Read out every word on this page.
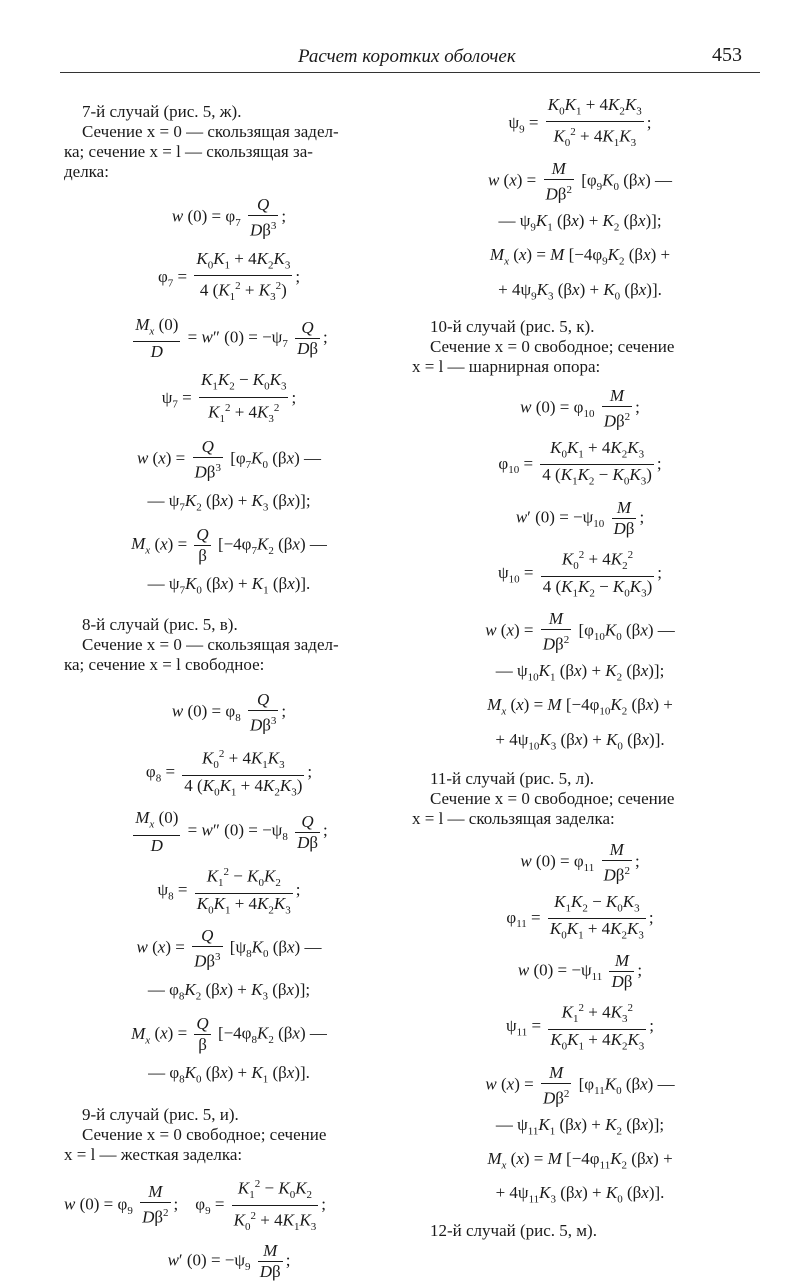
Расчет коротких оболочек	453

7-й случай (рис. 5, ж).

Сечение x = 0 — скользящая задел-

ка; сечение x = l — скользящая за-

делка:

w $(0) = \varphi_7 \frac{Q}{D\beta^3}$ ;
$\varphi_7 = \frac{K_0K_1 + 4K_2K_3}{4 (K_1^2 + K_3^2)}$ ;
$\frac{M_x (0)}{D} = w''$ $(0) = -\psi_7 \frac{Q}{D\beta}$ ;
$\psi_7 = \frac{K_1K_2 - K_0K_3}{K_1^2 + 4K_3^2}$ ;
w $(x) = \frac{Q}{D\beta^3} [\varphi_7K_0$ (βx) —
— $\psi_7K_2$ $(\beta x) + K_3$ (βx)];
$M_x$ $(x) = \frac{Q}{\beta} [-4\varphi_7K_2$ (βx) —
— $\psi_7K_0$ $(\beta x) + K_1$ (βx)].

8-й случай (рис. 5, в).

Сечение x = 0 — скользящая задел-

ка; сечение x = l свободное:

w $(0) = \varphi_8 \frac{Q}{D\beta^3}$ ;
$\varphi_8 = \frac{K_0^2 + 4K_1K_3}{4 (K_0K_1 + 4K_2K_3)}$ ;
$\frac{M_x (0)}{D} = w''$ $(0) = -\psi_8 \frac{Q}{D\beta}$ ;
$\psi_8 = \frac{K_1^2 - K_0K_2}{K_0K_1 + 4K_2K_3}$ ;
w $(x) = \frac{Q}{D\beta^3} [\psi_8K_0$ (βx) —
— $\varphi_8K_2$ $(\beta x) + K_3$ (βx)];
$M_x$ $(x) = \frac{Q}{\beta} [-4\varphi_8K_2$ (βx) —
— $\varphi_8K_0$ $(\beta x) + K_1$ (βx)].

9-й случай (рис. 5, и).

Сечение x = 0 свободное; сечение

x = l — жесткая заделка:

w $(0) = \varphi_9 \frac{M}{D\beta^2}$ ;    $\varphi_9 = \frac{K_1^2 - K_0K_2}{K_0^2 + 4K_1K_3}$ ;
w′ $(0) = -\psi_9 \frac{M}{D\beta}$ ;
$\psi_9 = \frac{K_0K_1 + 4K_2K_3}{K_0^2 + 4K_1K_3}$ ;
w $(x) = \frac{M}{D\beta^2} [\varphi_9K_0$ (βx) —
— $\psi_9K_1$ $(\beta x) + K_2$ (βx)];
$M_x$ (x) = M [$-4\varphi_9K_2$ (βx) +
+ $4\psi_9K_3$ $(\beta x) + K_0$ (βx)].

10-й случай (рис. 5, к).

Сечение x = 0 свободное; сечение

x = l — шарнирная опора:

w $(0) = \varphi_{10} \frac{M}{D\beta^2}$ ;
$\varphi_{10} = \frac{K_0K_1 + 4K_2K_3}{4 (K_1K_2 - K_0K_3)}$ ;
w′ $(0) = -\psi_{10} \frac{M}{D\beta}$ ;
$\psi_{10} = \frac{K_0^2 + 4K_2^2}{4 (K_1K_2 - K_0K_3)}$ ;
w $(x) = \frac{M}{D\beta^2} [\varphi_{10}K_0$ (βx) —
— $\psi_{10}K_1$ $(\beta x) + K_2$ (βx)];
$M_x$ (x) = M [$-4\varphi_{10}K_2$ (βx) +
+ $4\psi_{10}K_3$ $(\beta x) + K_0$ (βx)].

11-й случай (рис. 5, л).

Сечение x = 0 свободное; сечение

x = l — скользящая заделка:

w $(0) = \varphi_{11} \frac{M}{D\beta^2}$ ;
$\varphi_{11} = \frac{K_1K_2 - K_0K_3}{K_0K_1 + 4K_2K_3}$ ;
w $(0) = -\psi_{11} \frac{M}{D\beta}$ ;
$\psi_{11} = \frac{K_1^2 + 4K_3^2}{K_0K_1 + 4K_2K_3}$ ;
w $(x) = \frac{M}{D\beta^2} [\varphi_{11}K_0$ (βx) —
— $\psi_{11}K_1$ $(\beta x) + K_2$ (βx)];
$M_x$ (x) = M [$-4\varphi_{11}K_2$ (βx) +
+ $4\psi_{11}K_3$ $(\beta x) + K_0$ (βx)].

12-й случай (рис. 5, м).
